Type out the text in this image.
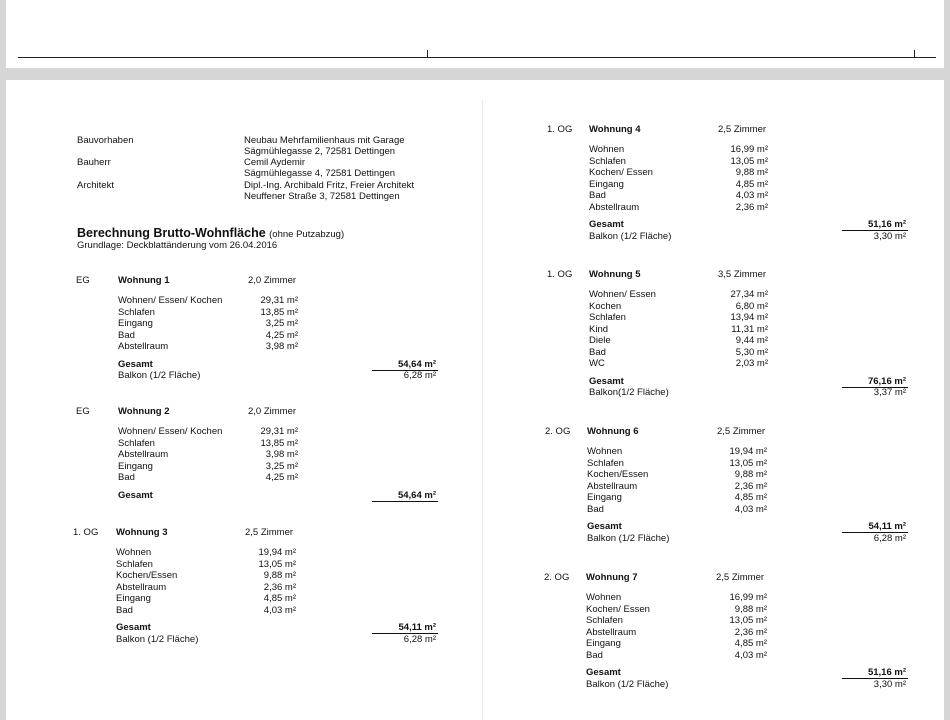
Bauvorhaben	Neubau Mehrfamilienhaus mit Garage
Sägmühlegasse 2, 72581 Dettingen
Bauherr	Cemil Aydemir
Sägmühlegasse 4, 72581 Dettingen
Architekt	Dipl.-Ing. Archibald Fritz, Freier Architekt
Neuffener Straße 3, 72581 Dettingen
Berechnung Brutto-Wohnfläche (ohne Putzabzug)
Grundlage: Deckblattänderung vom 26.04.2016
EG	Wohnung 1	2,0 Zimmer
Wohnen/ Essen/ Kochen	29,31 m²
Schlafen	13,85 m²
Eingang	3,25 m²
Bad	4,25 m²
Abstellraum	3,98 m²
Gesamt	54,64 m²
Balkon (1/2 Fläche)	6,28 m²
EG	Wohnung 2	2,0 Zimmer
Wohnen/ Essen/ Kochen	29,31 m²
Schlafen	13,85 m²
Abstellraum	3,98 m²
Eingang	3,25 m²
Bad	4,25 m²
Gesamt	54,64 m²
1. OG Wohnung 3	2,5 Zimmer
Wohnen	19,94 m²
Schlafen	13,05 m²
Kochen/Essen	9,88 m²
Abstellraum	2,36 m²
Eingang	4,85 m²
Bad	4,03 m²
Gesamt	54,11 m²
Balkon (1/2 Fläche)	6,28 m²
1. OG Wohnung 4	2,5 Zimmer
Wohnen	16,99 m²
Schlafen	13,05 m²
Kochen/ Essen	9,88 m²
Eingang	4,85 m²
Bad	4,03 m²
Abstellraum	2,36 m²
Gesamt	51,16 m²
Balkon (1/2 Fläche)	3,30 m²
1. OG Wohnung 5	3,5 Zimmer
Wohnen/ Essen	27,34 m²
Kochen	6,80 m²
Schlafen	13,94 m²
Kind	11,31 m²
Diele	9,44 m²
Bad	5,30 m²
WC	2,03 m²
Gesamt	76,16 m²
Balkon(1/2 Fläche)	3,37 m²
2. OG Wohnung 6	2,5 Zimmer
Wohnen	19,94 m²
Schlafen	13,05 m²
Kochen/Essen	9,88 m²
Abstellraum	2,36 m²
Eingang	4,85 m²
Bad	4,03 m²
Gesamt	54,11 m²
Balkon (1/2 Fläche)	6,28 m²
2. OG Wohnung 7	2,5 Zimmer
Wohnen	16,99 m²
Kochen/ Essen	9,88 m²
Schlafen	13,05 m²
Abstellraum	2,36 m²
Eingang	4,85 m²
Bad	4,03 m²
Gesamt	51,16 m²
Balkon (1/2 Fläche)	3,30 m²
